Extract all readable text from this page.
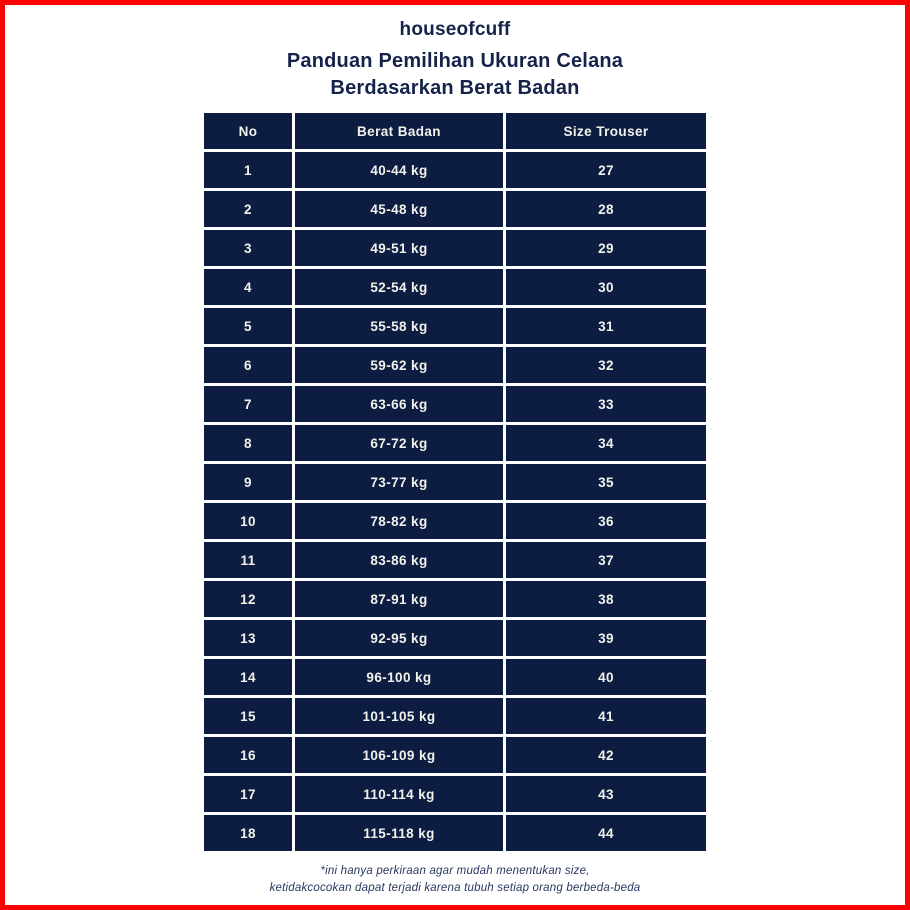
houseofcuff
Panduan Pemilihan Ukuran Celana
Berdasarkan Berat Badan
No	Berat Badan	Size Trouser
1	40-44 kg	27
2	45-48 kg	28
3	49-51 kg	29
4	52-54 kg	30
5	55-58 kg	31
6	59-62 kg	32
7	63-66 kg	33
8	67-72 kg	34
9	73-77 kg	35
10	78-82 kg	36
11	83-86 kg	37
12	87-91 kg	38
13	92-95 kg	39
14	96-100 kg	40
15	101-105 kg	41
16	106-109 kg	42
17	110-114 kg	43
18	115-118 kg	44
*ini hanya perkiraan agar mudah menentukan size,
ketidakcocokan dapat terjadi karena tubuh setiap orang berbeda-beda
